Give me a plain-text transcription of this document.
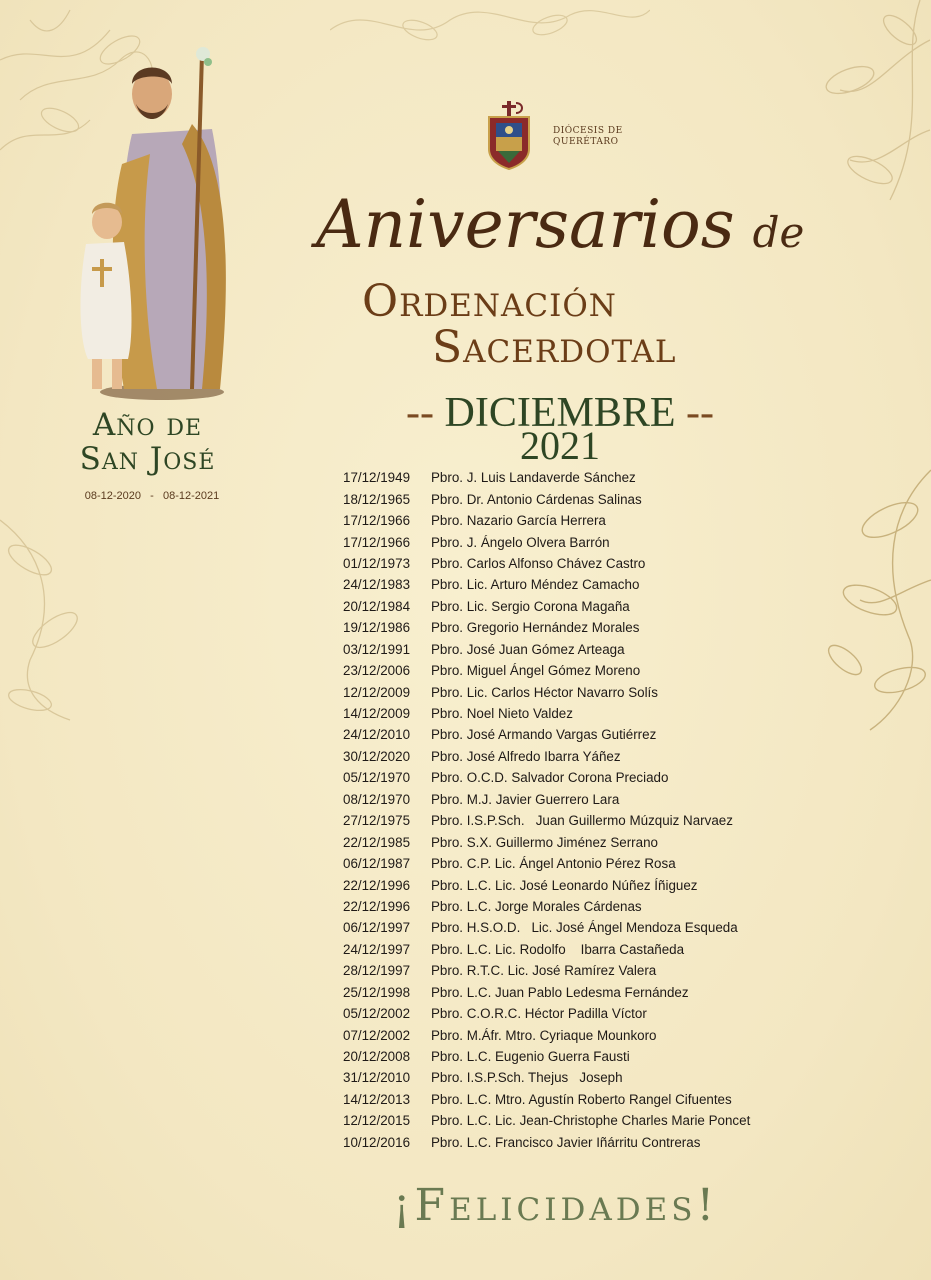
Año de
San José
08-12-2020   -   08-12-2021
DIÓCESIS DE
QUERÉTARO
Aniversarios de
Ordenación
Sacerdotal
-- DICIEMBRE --
2021
17/12/1949	Pbro. J. Luis Landaverde Sánchez
18/12/1965	Pbro. Dr. Antonio Cárdenas Salinas
17/12/1966	Pbro. Nazario García Herrera
17/12/1966	Pbro. J. Ángelo Olvera Barrón
01/12/1973	Pbro. Carlos Alfonso Chávez Castro
24/12/1983	Pbro. Lic. Arturo Méndez Camacho
20/12/1984	Pbro. Lic. Sergio Corona Magaña
19/12/1986	Pbro. Gregorio Hernández Morales
03/12/1991	Pbro. José Juan Gómez Arteaga
23/12/2006	Pbro. Miguel Ángel Gómez Moreno
12/12/2009	Pbro. Lic. Carlos Héctor Navarro Solís
14/12/2009	Pbro. Noel Nieto Valdez
24/12/2010	Pbro. José Armando Vargas Gutiérrez
30/12/2020	Pbro. José Alfredo Ibarra Yáñez
05/12/1970	Pbro. O.C.D. Salvador Corona Preciado
08/12/1970	Pbro. M.J. Javier Guerrero Lara
27/12/1975	Pbro. I.S.P.Sch.   Juan Guillermo Múzquiz Narvaez
22/12/1985	Pbro. S.X. Guillermo Jiménez Serrano
06/12/1987	Pbro. C.P. Lic. Ángel Antonio Pérez Rosa
22/12/1996	Pbro. L.C. Lic. José Leonardo Núñez Íñiguez
22/12/1996	Pbro. L.C. Jorge Morales Cárdenas
06/12/1997	Pbro. H.S.O.D.   Lic. José Ángel Mendoza Esqueda
24/12/1997	Pbro. L.C. Lic. Rodolfo    Ibarra Castañeda
28/12/1997	Pbro. R.T.C. Lic. José Ramírez Valera
25/12/1998	Pbro. L.C. Juan Pablo Ledesma Fernández
05/12/2002	Pbro. C.O.R.C. Héctor Padilla Víctor
07/12/2002	Pbro. M.Áfr. Mtro. Cyriaque Mounkoro
20/12/2008	Pbro. L.C. Eugenio Guerra Fausti
31/12/2010	Pbro. I.S.P.Sch. Thejus   Joseph
14/12/2013	Pbro. L.C. Mtro. Agustín Roberto Rangel Cifuentes
12/12/2015	Pbro. L.C. Lic. Jean-Christophe Charles Marie Poncet
10/12/2016	Pbro. L.C. Francisco Javier Iñárritu Contreras
¡Felicidades!
